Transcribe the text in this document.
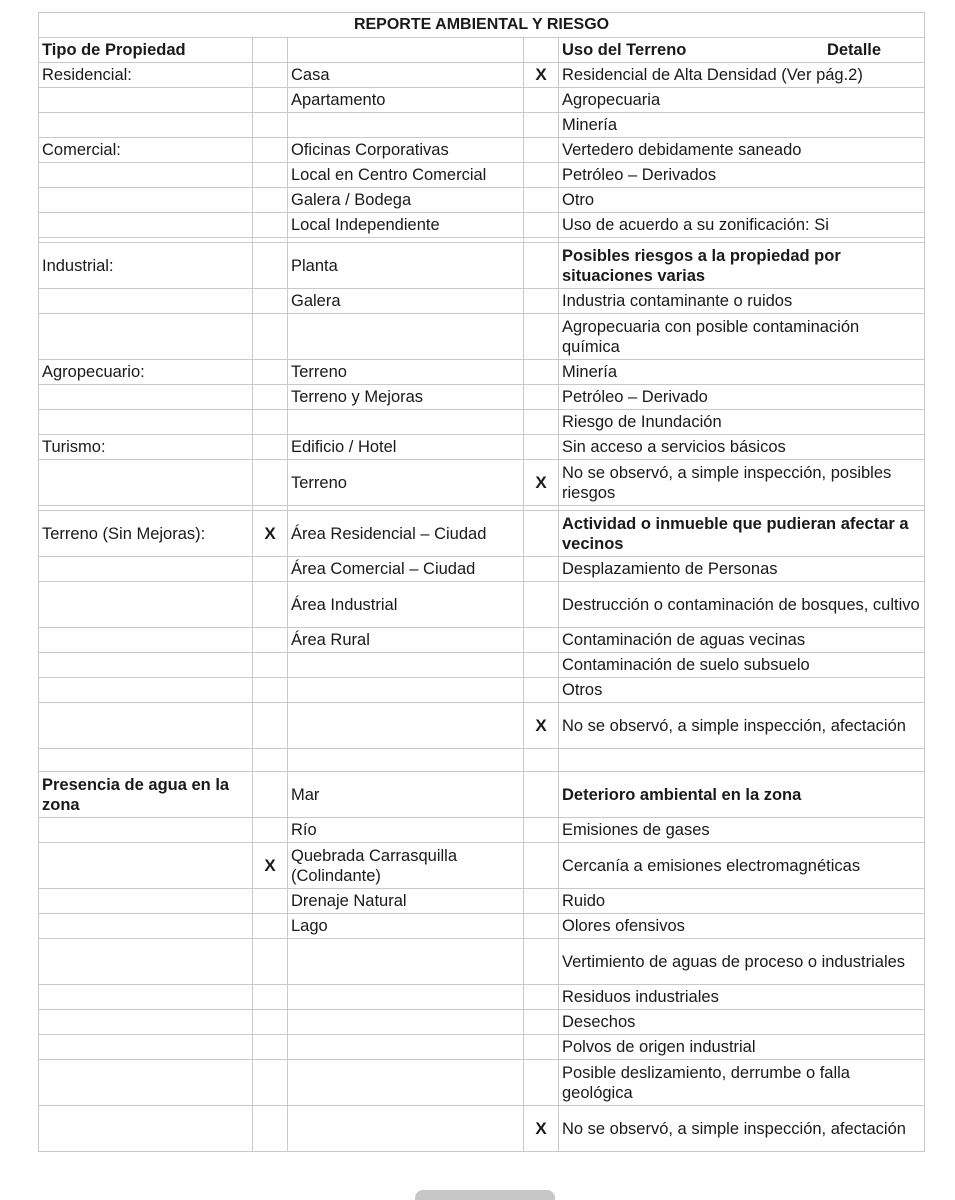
REPORTE AMBIENTAL Y RIESGO				
Tipo de Propiedad				Uso del Terreno Detalle

Residencial:		Casa	X	Residencial de Alta Densidad (Ver pág.2)
		Apartamento		Agropecuaria
				Minería
Comercial:		Oficinas Corporativas		Vertedero debidamente saneado
		Local en Centro Comercial		Petróleo – Derivados
		Galera / Bodega		Otro
		Local Independiente		Uso de acuerdo a su zonificación: Si

Industrial:		Planta		Posibles riesgos a la propiedad por situaciones varias
		Galera		Industria contaminante o ruidos
				Agropecuaria con posible contaminación química
Agropecuario:		Terreno		Minería
		Terreno y Mejoras		Petróleo – Derivado
				Riesgo de Inundación
Turismo:		Edificio / Hotel		Sin acceso a servicios básicos
		Terreno	X	No se observó, a simple inspección, posibles riesgos

Terreno (Sin Mejoras):	X	Área Residencial – Ciudad		Actividad o inmueble que pudieran afectar a vecinos
		Área Comercial – Ciudad		Desplazamiento de Personas
		Área Industrial		Destrucción o contaminación de bosques, cultivo
		Área Rural		Contaminación de aguas vecinas
				Contaminación de suelo subsuelo
				Otros
			X	No se observó, a simple inspección, afectación

Presencia de agua en la zona		Mar		Deterioro ambiental en la zona
		Río		Emisiones de gases
	X	Quebrada Carrasquilla (Colindante)		Cercanía a emisiones electromagnéticas
		Drenaje Natural		Ruido
		Lago		Olores ofensivos
				Vertimiento de aguas de proceso o industriales
				Residuos industriales
				Desechos
				Polvos de origen industrial
				Posible deslizamiento, derrumbe o falla geológica
			X	No se observó, a simple inspección, afectación
